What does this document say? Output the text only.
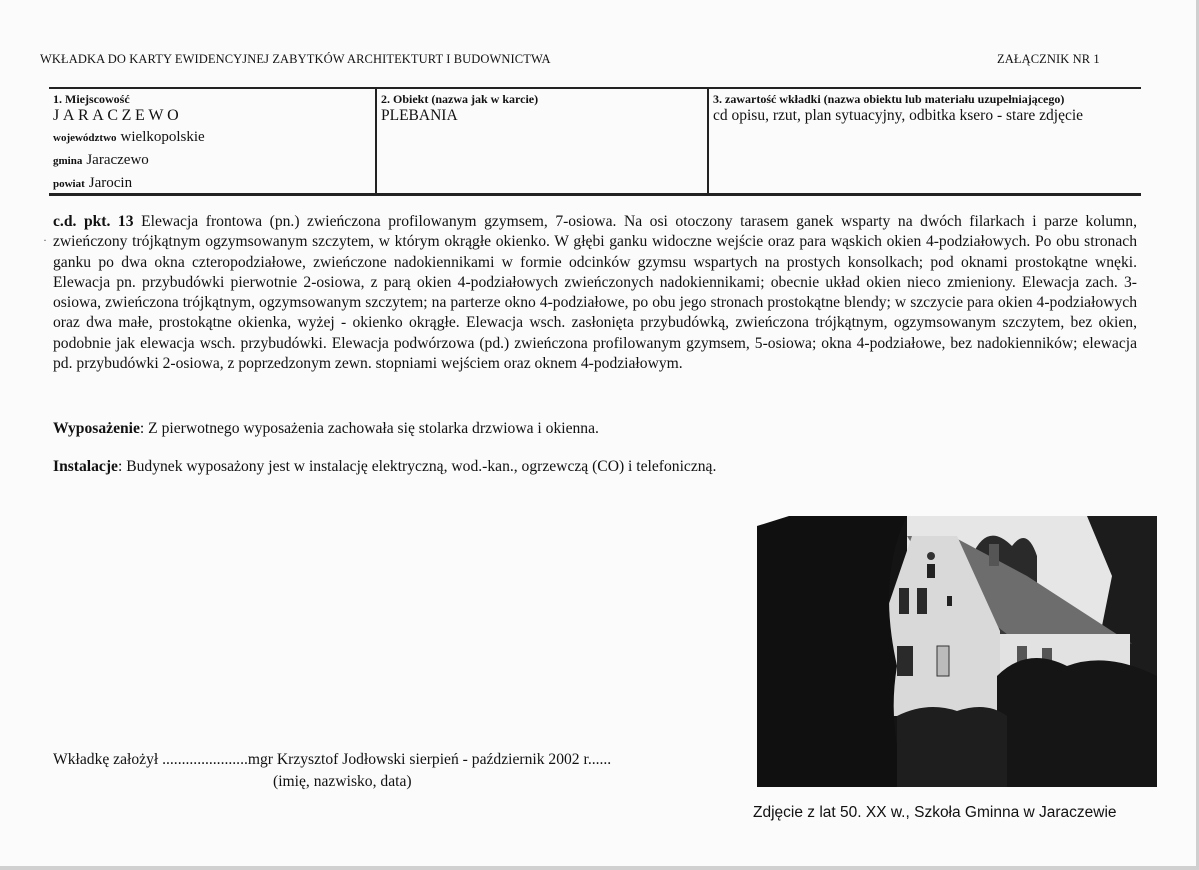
WKŁADKA DO KARTY EWIDENCYJNEJ ZABYTKÓW ARCHITEKTURT I BUDOWNICTWA	ZAŁĄCZNIK NR 1
1. Miejscowość
JARACZEWO
województwo wielkopolskie
gmina Jaraczewo
powiat Jarocin
2. Obiekt (nazwa jak w karcie)
PLEBANIA
3. zawartość wkładki (nazwa obiektu lub materiału uzupełniającego)
cd opisu, rzut, plan sytuacyjny, odbitka ksero - stare zdjęcie
c.d. pkt. 13 Elewacja frontowa (pn.) zwieńczona profilowanym gzymsem, 7-osiowa. Na osi otoczony tarasem ganek wsparty na dwóch filarkach i parze kolumn, zwieńczony trójkątnym ogzymsowanym szczytem, w którym okrągłe okienko. W głębi ganku widoczne wejście oraz para wąskich okien 4-podziałowych. Po obu stronach ganku po dwa okna czteropodziałowe, zwieńczone nadokiennikami w formie odcinków gzymsu wspartych na prostych konsolkach; pod oknami prostokątne wnęki. Elewacja pn. przybudówki pierwotnie 2-osiowa, z parą okien 4-podziałowych zwieńczonych nadokiennikami; obecnie układ okien nieco zmieniony. Elewacja zach. 3-osiowa, zwieńczona trójkątnym, ogzymsowanym szczytem; na parterze okno 4-podziałowe, po obu jego stronach prostokątne blendy; w szczycie para okien 4-podziałowych oraz dwa małe, prostokątne okienka, wyżej - okienko okrągłe. Elewacja wsch. zasłonięta przybudówką, zwieńczona trójkątnym, ogzymsowanym szczytem, bez okien, podobnie jak elewacja wsch. przybudówki. Elewacja podwórzowa (pd.) zwieńczona profilowanym gzymsem, 5-osiowa; okna 4-podziałowe, bez nadokienników; elewacja pd. przybudówki 2-osiowa, z poprzedzonym zewn. stopniami wejściem oraz oknem 4-podziałowym.
Wyposażenie: Z pierwotnego wyposażenia zachowała się stolarka drzwiowa i okienna.
Instalacje: Budynek wyposażony jest w instalację elektryczną, wod.-kan., ogrzewczą (CO) i telefoniczną.
Wkładkę założył ......................mgr Krzysztof Jodłowski sierpień - październik 2002 r......
(imię, nazwisko, data)
Zdjęcie z lat 50. XX w., Szkoła Gminna w Jaraczewie
·
